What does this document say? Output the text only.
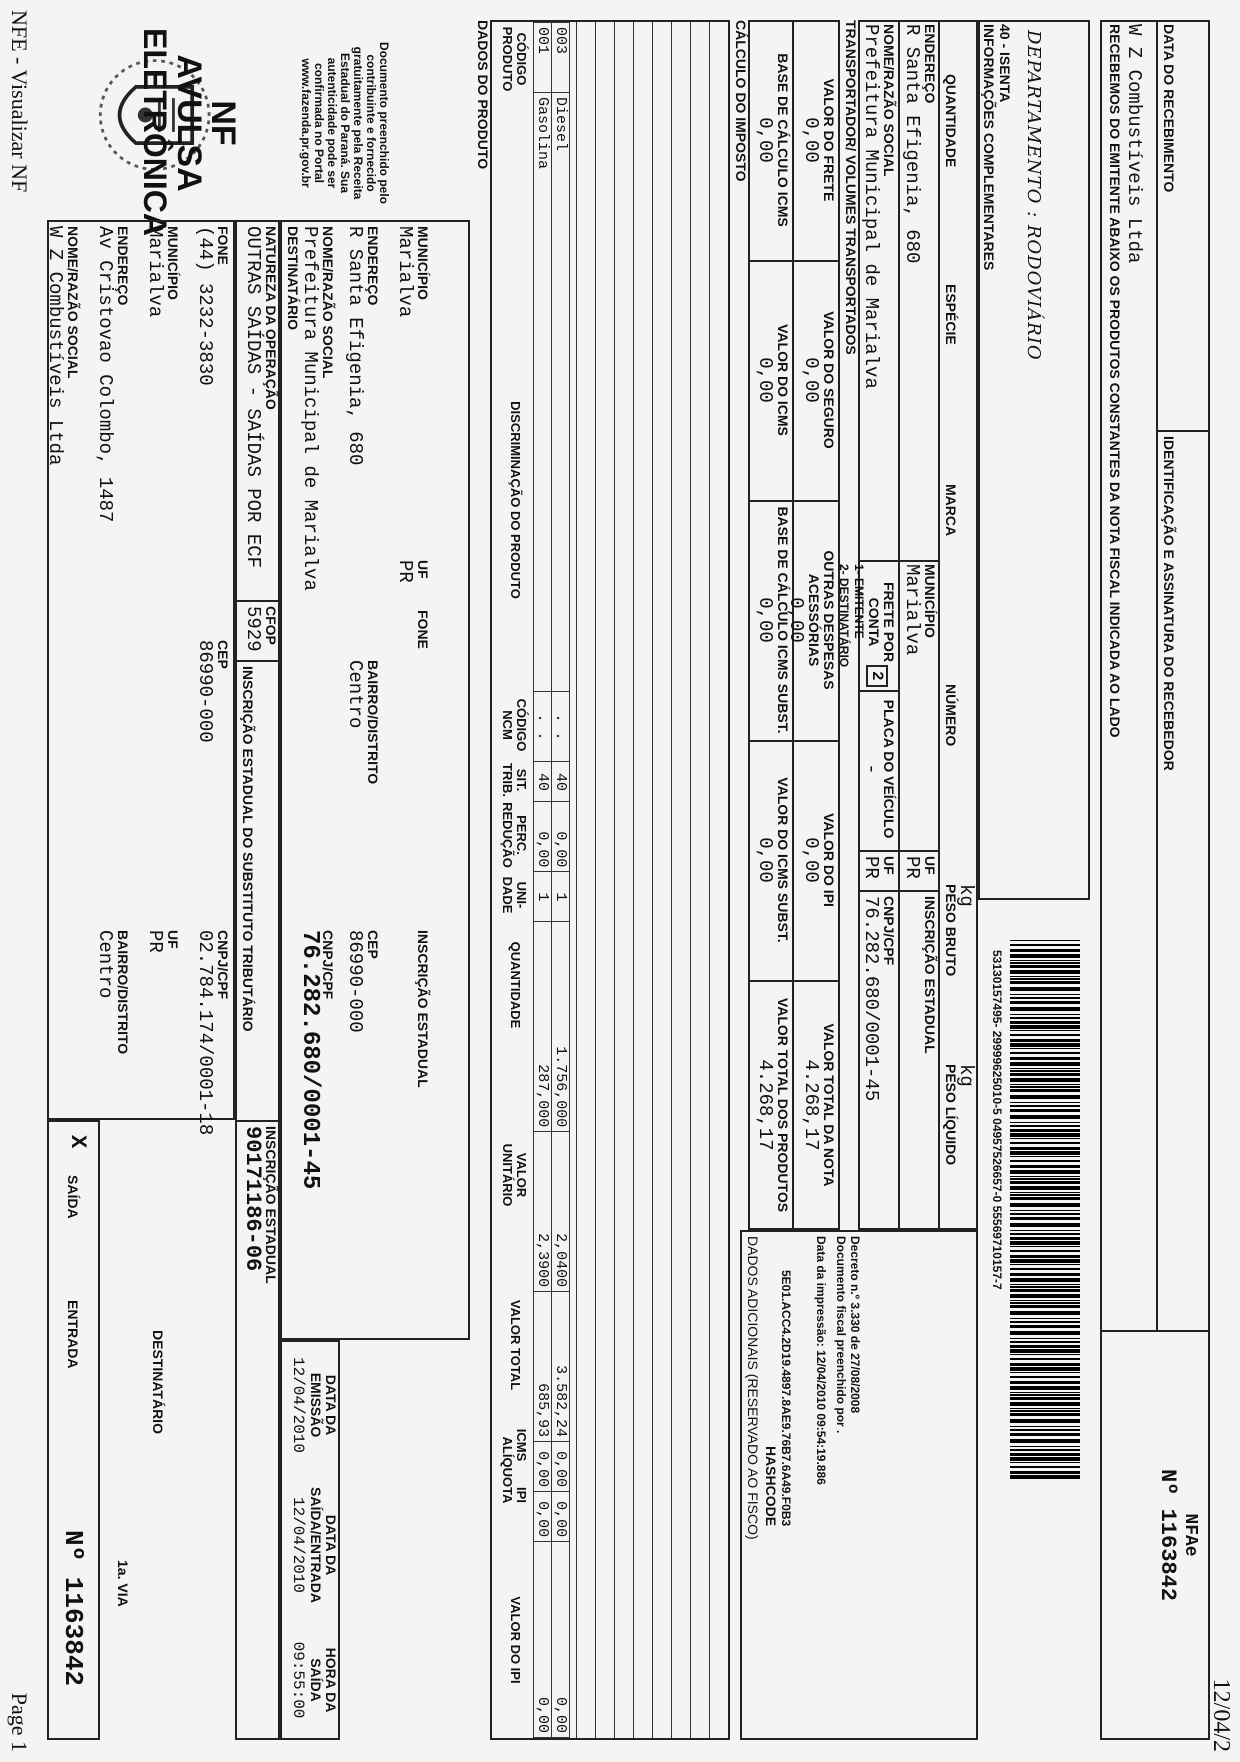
NFE - Visualizar NF
Page 1	12/04/2
NF AVULSA
ELETRÔNICA	Documento preenchido pelo
contribuinte e fornecido
gratuitamente pela Receita
Estadual do Paraná. Sua
autenticidade pode ser
confirmada no Portal
www.fazenda.pr.gov.br
NOME/RAZÃO SOCIAL
W Z Combustíveis Ltda	ENDEREÇO
Av Cristovao Colombo, 1487	MUNICÍPIO
Marialva	FONE
(44) 3232-3830
CEP
86990-000
BAIRRO/DISTRITO
Centro	UF
PR	CNPJ/CPF
02.784.174/0001-18
X
SAÍDA
ENTRADA
Nº 1163842 1a. VIA
DESTINATÁRIO
NATUREZA DA OPERAÇÃO
OUTRAS SAÍDAS - SAÍDAS POR ECF
CFOP
5929
INSCRIÇÃO ESTADUAL DO SUBSTITUTO TRIBUTÁRIO
INSCRIÇÃO ESTADUAL
90171186-06
DATA DA EMISSÃO
12/04/2010
DATA DA SAÍDA/ENTRADA
12/04/2010
HORA DA SAÍDA
09:55:00
DESTINATÁRIO NOME/RAZÃO SOCIAL
Prefeitura Municipal de Marialva
CNPJ/CPF
76.282.680/0001-45
ENDEREÇO
R Santa Efigenia, 680
BAIRRO/DISTRITO
Centro
CEP
86990-000
MUNICÍPIO
Marialva
UF
PR
FONE
INSCRIÇÃO ESTADUAL
DADOS DO PRODUTO	CÓDIGO PRODUTO
DISCRIMINAÇÃO DO PRODUTO
CÓDIGO NCM
SIT. TRIB.
PERC. REDUÇÃO
UNI-DADE
QUANTIDADE
VALOR UNITÁRIO
VALOR TOTAL
ALÍQUOTA ICMS
IPI
VALOR DO IPI
003	Diesel	. .	40	0,00	1	1.756,000	2,0400	3.582,24	0,00	0,00	0,00
001	Gasolina	. .	40	0,00	1	287,000	2,3900	685,93	0,00	0,00	0,00
CÁLCULO DO IMPOSTO BASE DE CÁLCULO ICMS
0,00
VALOR DO ICMS
0,00
BASE DE CÁLCULO ICMS SUBST.
0,00
VALOR DO ICMS SUBST.
0,00
VALOR TOTAL DOS PRODUTOS
4.268,17
VALOR DO FRETE
0,00
VALOR DO SEGURO
0,00
OUTRAS DESPESAS ACESSÓRIAS
0,00
VALOR DO IPI
0,00
VALOR TOTAL DA NOTA
4.268,17
TRANSPORTADOR/ VOLUMES TRANSPORTADOS NOME/RAZÃO SOCIAL
Prefeitura Municipal de Marialva
FRETE POR CONTA
1- EMITENTE
2- DESTINATÁRIO
2
PLACA DO VEÍCULO
-
UF
PR
CNPJ/CPF
76.282.680/0001-45
ENDEREÇO
R Santa Efigenia, 680
MUNICÍPIO
Marialva
UF
PR
INSCRIÇÃO ESTADUAL
QUANTIDADE
ESPÉCIE
MARCA
NÚMERO
PESO BRUTO
kg
PESO LÍQUIDO
kg
DADOS ADICIONAIS (RESERVADO AO FISCO) HASHCODE 5E01.ACC4.2D19.4897.8AE9.76B7.6A49.F0B3 Data da impressão: 12/04/2010 09:54:19.886 Documento fiscal preenchido por . Decreto n.º 3.330 de 27/08/2008
53130157495- 29999625010-5 04957526657-0 55569710157-7
INFORMAÇÕES COMPLEMENTARES 40 - ISENTA DEPARTAMENTO : RODOVIÁRIO	RECEBEMOS DO EMITENTE ABAIXO OS PRODUTOS CONSTANTES DA NOTA FISCAL INDICADA AO LADO W Z Combustíveis Ltda DATA DO RECEBIMENTO
IDENTIFICAÇÃO E ASSINATURA DO RECEBEDOR
NFAe
Nº 1163842
